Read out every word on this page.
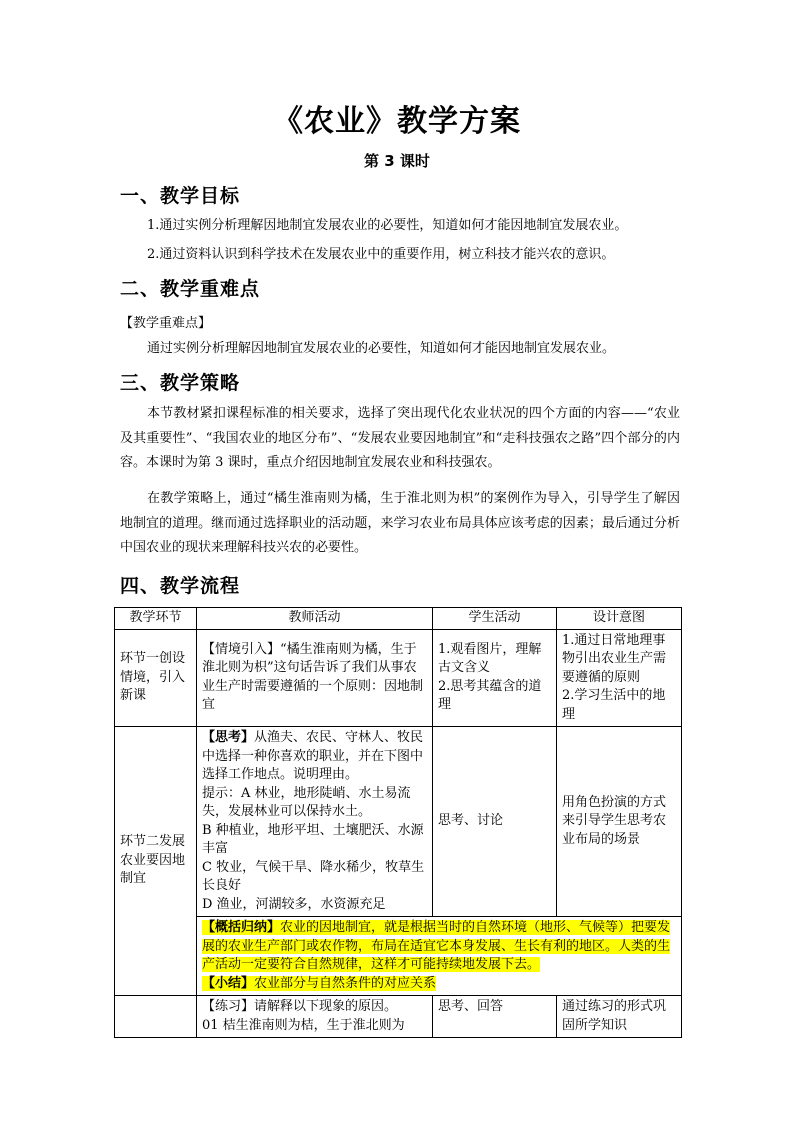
《农业》教学方案
第 3 课时
一、教学目标
1.通过实例分析理解因地制宜发展农业的必要性，知道如何才能因地制宜发展农业。
2.通过资料认识到科学技术在发展农业中的重要作用，树立科技才能兴农的意识。
二、教学重难点
【教学重难点】
通过实例分析理解因地制宜发展农业的必要性，知道如何才能因地制宜发展农业。
三、教学策略
本节教材紧扣课程标准的相关要求，选择了突出现代化农业状况的四个方面的内容——“农业及其重要性”、“我国农业的地区分布”、“发展农业要因地制宜”和“走科技强农之路”四个部分的内容。本课时为第 3 课时，重点介绍因地制宜发展农业和科技强农。
在教学策略上，通过“橘生淮南则为橘，生于淮北则为枳”的案例作为导入，引导学生了解因地制宜的道理。继而通过选择职业的活动题，来学习农业布局具体应该考虑的因素；最后通过分析中国农业的现状来理解科技兴农的必要性。
四、教学流程
教学环节	教师活动	学生活动	设计意图
环节一创设情境，引入新课	【情境引入】“橘生淮南则为橘，生于淮北则为枳”这句话告诉了我们从事农业生产时需要遵循的一个原则：因地制宜	1.观看图片，理解古文含义
2.思考其蕴含的道理	1.通过日常地理事物引出农业生产需要遵循的原则
2.学习生活中的地理
环节二发展农业要因地制宜	【思考】从渔夫、农民、守林人、牧民中选择一种你喜欢的职业，并在下图中选择工作地点。说明理由。
提示：A 林业，地形陡峭、水土易流失，发展林业可以保持水土。
B 种植业，地形平坦、土壤肥沃、水源丰富
C 牧业，气候干旱、降水稀少，牧草生长良好
D 渔业，河湖较多，水资源充足	思考、讨论	用角色扮演的方式来引导学生思考农业布局的场景
	【概括归纳】农业的因地制宜，就是根据当时的自然环境（地形、气候等）把要发展的农业生产部门或农作物，布局在适宜它本身发展、生长有利的地区。人类的生产活动一定要符合自然规律，这样才可能持续地发展下去。
【小结】农业部分与自然条件的对应关系		

	【练习】请解释以下现象的原因。
01 桔生淮南则为桔，生于淮北则为	思考、回答	通过练习的形式巩固所学知识
